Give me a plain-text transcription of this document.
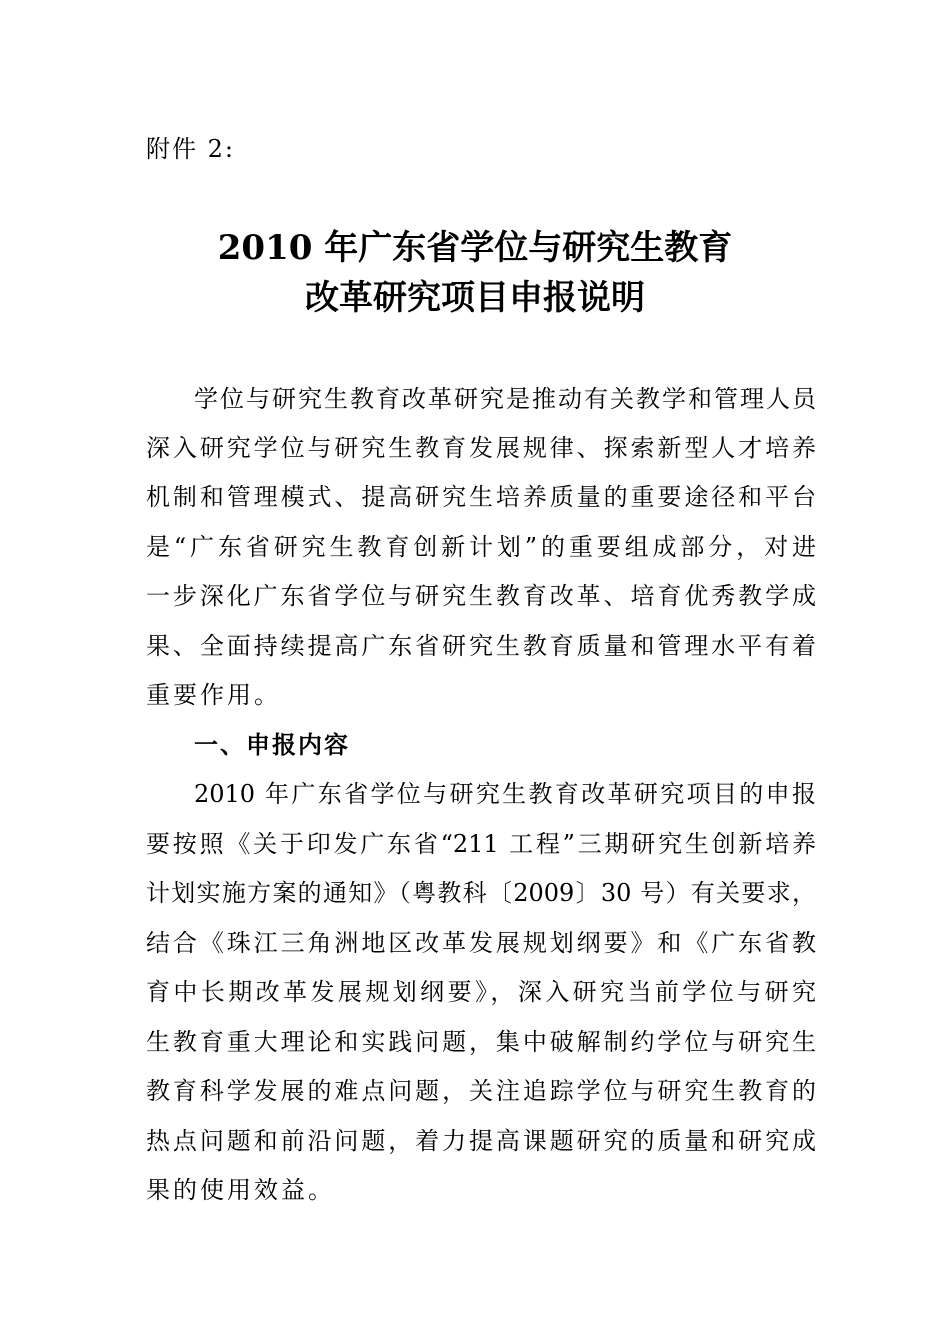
附件 2:
2010 年广东省学位与研究生教育
改革研究项目申报说明
学位与研究生教育改革研究是推动有关教学和管理人员
深入研究学位与研究生教育发展规律、探索新型人才培养
机制和管理模式、提高研究生培养质量的重要途径和平台
是“广东省研究生教育创新计划”的重要组成部分，对进
一步深化广东省学位与研究生教育改革、培育优秀教学成
果、全面持续提高广东省研究生教育质量和管理水平有着
重要作用。
一、申报内容
2010 年广东省学位与研究生教育改革研究项目的申报
要按照《关于印发广东省“211 工程”三期研究生创新培养
计划实施方案的通知》（粤教科〔2009〕30 号）有关要求，
结合《珠江三角洲地区改革发展规划纲要》和《广东省教
育中长期改革发展规划纲要》，深入研究当前学位与研究
生教育重大理论和实践问题，集中破解制约学位与研究生
教育科学发展的难点问题，关注追踪学位与研究生教育的
热点问题和前沿问题，着力提高课题研究的质量和研究成
果的使用效益。
